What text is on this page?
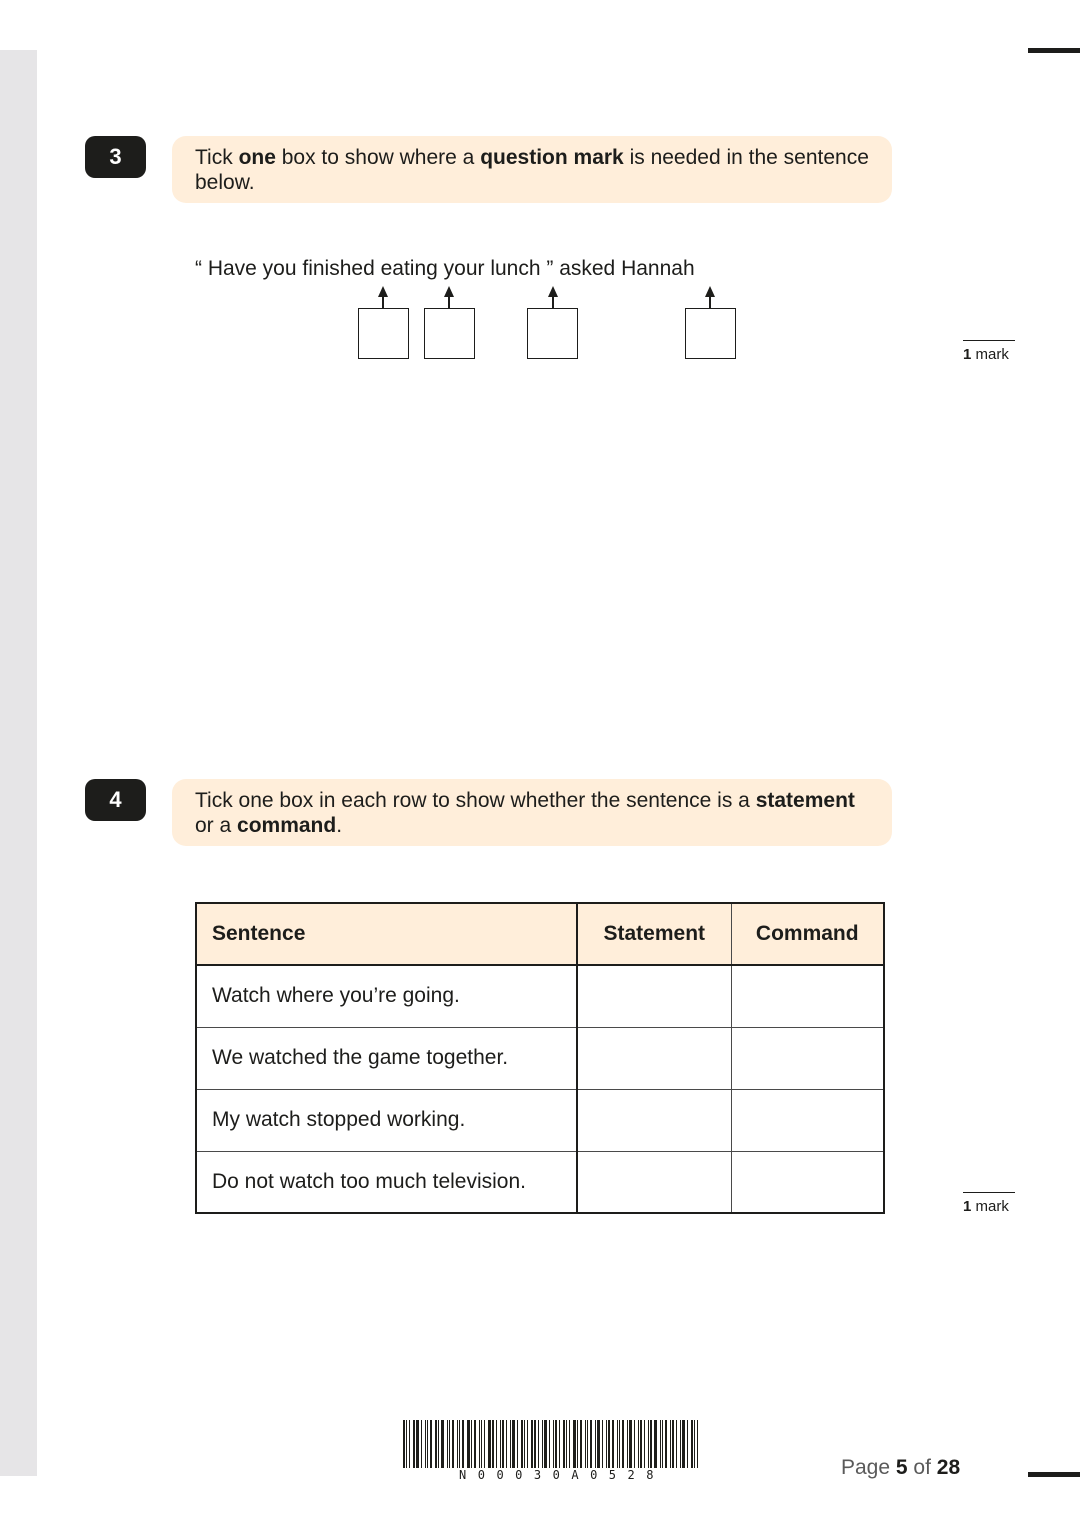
3	Tick one box to show where a question mark is needed in the sentence below.
“ Have you finished eating your lunch ” asked Hannah
1 mark
4	Tick one box in each row to show whether the sentence is a statement or a command.
Sentence	Statement	Command
Watch where you’re going.		
We watched the game together.		
My watch stopped working.		
Do not watch too much television.		
1 mark
N00030A0528	Page 5 of 28
